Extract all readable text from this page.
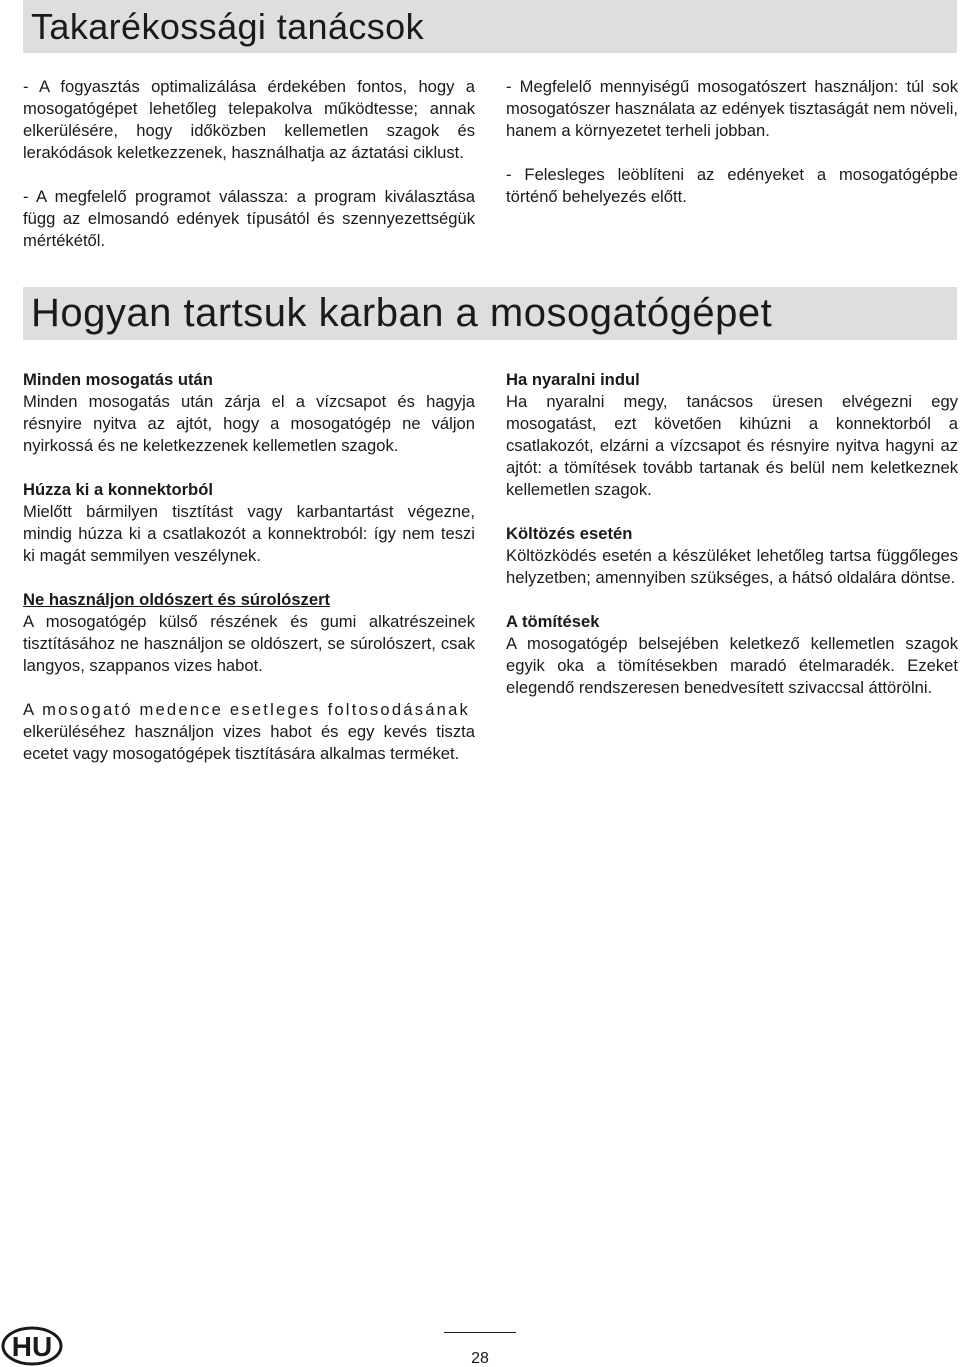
Takarékossági tanácsok

- A fogyasztás optimalizálása érdekében fontos, hogy a mosogatógépet lehetőleg telepakolva működtesse; annak elkerülésére, hogy időközben kellemetlen szagok és lerakódások keletkezzenek, használhatja az áztatási ciklust.

- A megfelelő programot válassza: a program kiválasztása függ az elmosandó edények típusától és szennyezettségük mértékétől.

- Megfelelő mennyiségű mosogatószert használjon: túl sok mosogatószer használata az edények tisztaságát nem növeli, hanem a környezetet terheli jobban.

- Felesleges leöblíteni az edényeket a mosogatógépbe történő behelyezés előtt.

Hogyan tartsuk karban a mosogatógépet

Minden mosogatás után

Minden mosogatás után zárja el a vízcsapot és hagyja résnyire nyitva az ajtót, hogy a mosogatógép ne váljon nyirkossá és ne keletkezzenek kellemetlen szagok.

Húzza ki a konnektorból

Mielőtt bármilyen tisztítást vagy karbantartást végezne, mindig húzza ki a csatlakozót a konnektroból: így nem teszi ki magát semmilyen veszélynek.

Ne használjon oldószert és súrolószert

A mosogatógép külső részének és gumi alkatrészeinek tisztításához ne használjon se oldószert, se súrolószert, csak langyos, szappanos vizes habot.

A mosogató medence esetleges foltosodásának

elkerüléséhez használjon vizes habot és egy kevés tiszta ecetet vagy mosogatógépek tisztítására alkalmas terméket.

Ha nyaralni indul

Ha nyaralni megy, tanácsos üresen elvégezni egy mosogatást, ezt követően kihúzni a konnektorból a csatlakozót, elzárni a vízcsapot és résnyire nyitva hagyni az ajtót: a tömítések tovább tartanak és belül nem keletkeznek kellemetlen szagok.

Költözés esetén

Költözködés esetén a készüléket lehetőleg tartsa függőleges helyzetben; amennyiben szükséges, a hátsó oldalára döntse.

A tömítések

A mosogatógép belsejében keletkező kellemetlen szagok egyik oka a tömítésekben maradó ételmaradék. Ezeket elegendő rendszeresen benedvesített szivaccsal áttörölni.

HU	28
